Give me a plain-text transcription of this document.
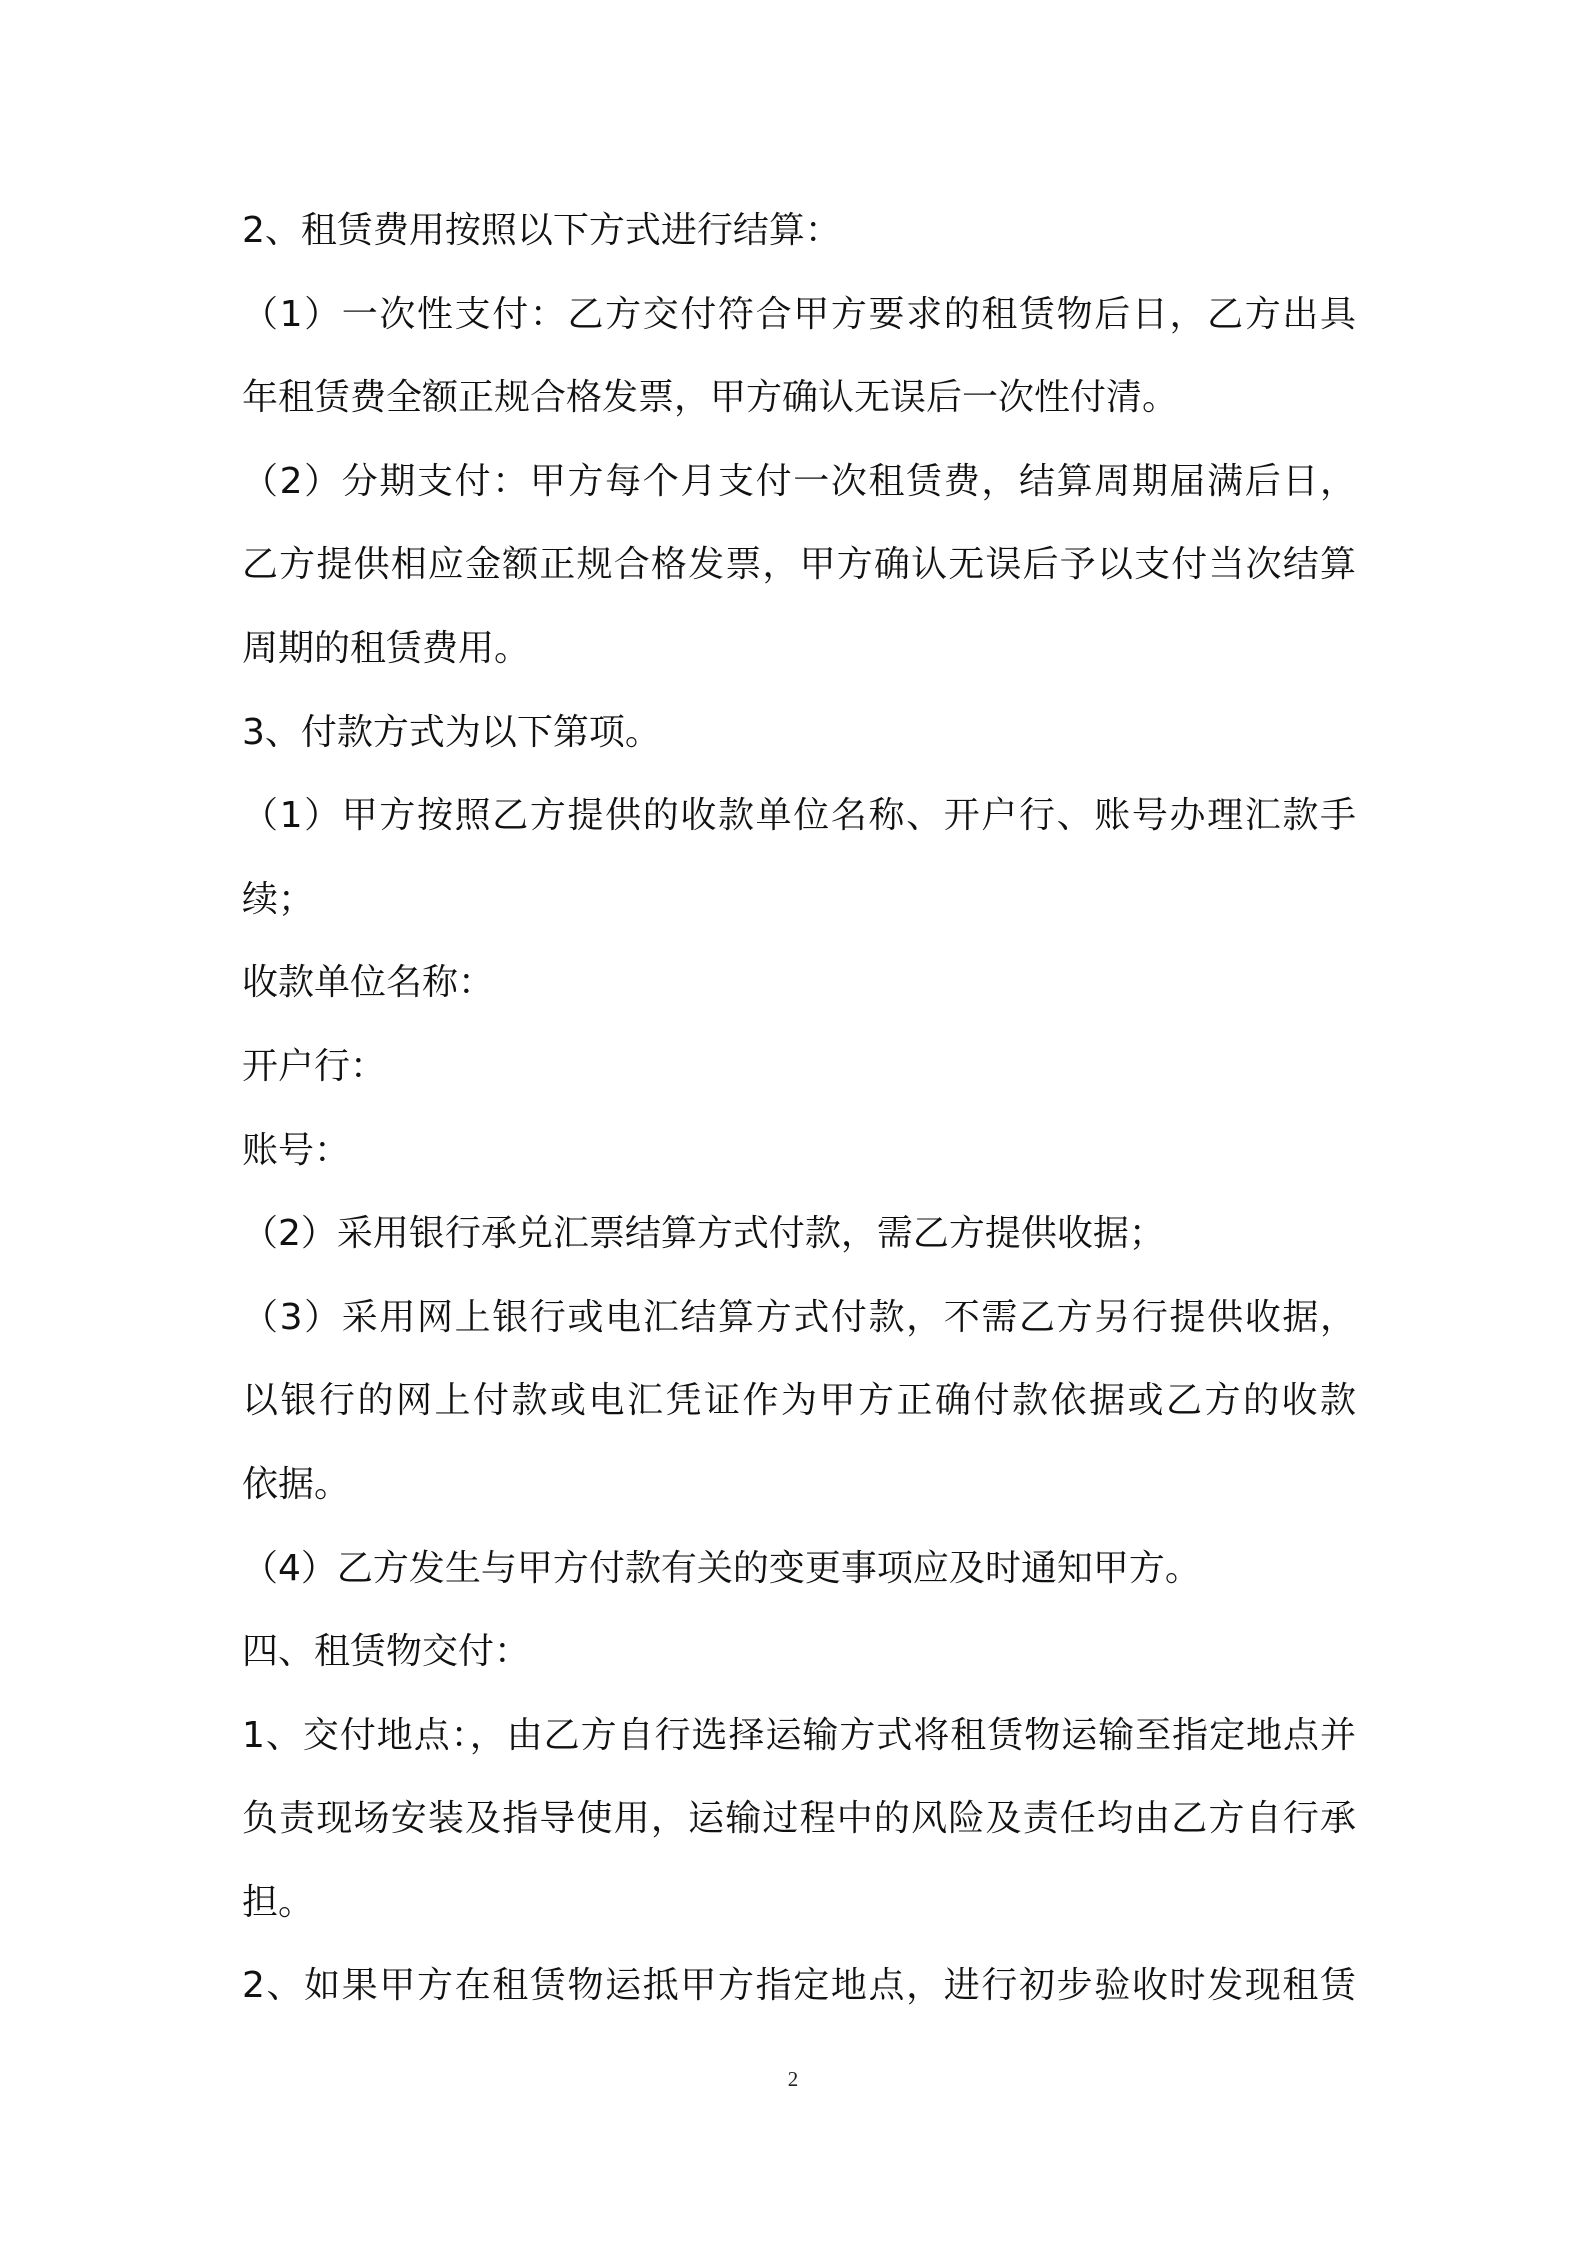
2、租赁费用按照以下方式进行结算：
（1）一次性支付：乙方交付符合甲方要求的租赁物后日，乙方出具
年租赁费全额正规合格发票，甲方确认无误后一次性付清。
（2）分期支付：甲方每个月支付一次租赁费，结算周期届满后日，
乙方提供相应金额正规合格发票，甲方确认无误后予以支付当次结算
周期的租赁费用。
3、付款方式为以下第项。
（1）甲方按照乙方提供的收款单位名称、开户行、账号办理汇款手
续；
收款单位名称：
开户行：
账号：
（2）采用银行承兑汇票结算方式付款，需乙方提供收据；
（3）采用网上银行或电汇结算方式付款，不需乙方另行提供收据，
以银行的网上付款或电汇凭证作为甲方正确付款依据或乙方的收款
依据。
（4）乙方发生与甲方付款有关的变更事项应及时通知甲方。
四、租赁物交付：
1、交付地点：，由乙方自行选择运输方式将租赁物运输至指定地点并
负责现场安装及指导使用，运输过程中的风险及责任均由乙方自行承
担。
2、如果甲方在租赁物运抵甲方指定地点，进行初步验收时发现租赁
2
